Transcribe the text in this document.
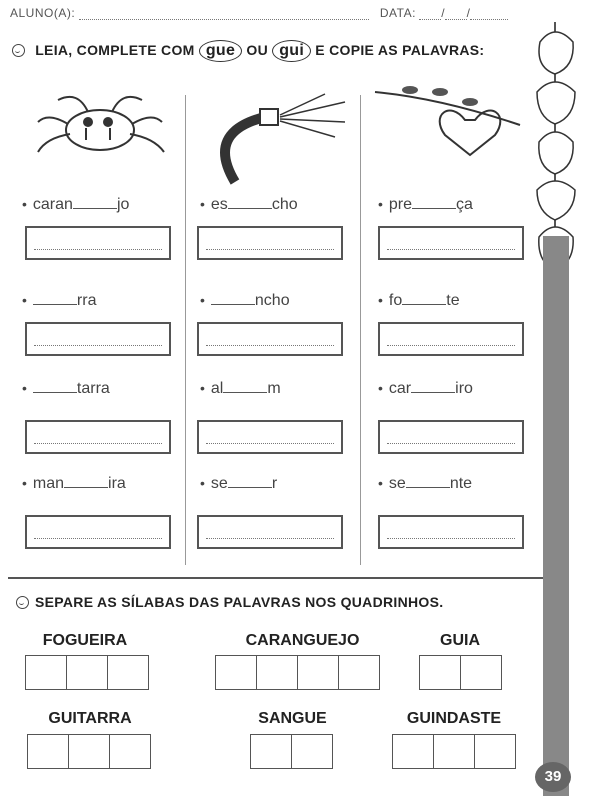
ALUNO(A):	DATA: / /
LEIA, COMPLETE COM gue OU gui E COPIE AS PALAVRAS:
• caran	jo
•	rra
•	tarra
• man	ira
• es	cho
•	ncho
• al	m
• se	r
• pre	ça
• fo	te
• car	iro
• se	nte
SEPARE AS SÍLABAS DAS PALAVRAS NOS QUADRINHOS.
FOGUEIRA	CARANGUEJO	GUIA
GUITARRA	SANGUE	GUINDASTE
39
